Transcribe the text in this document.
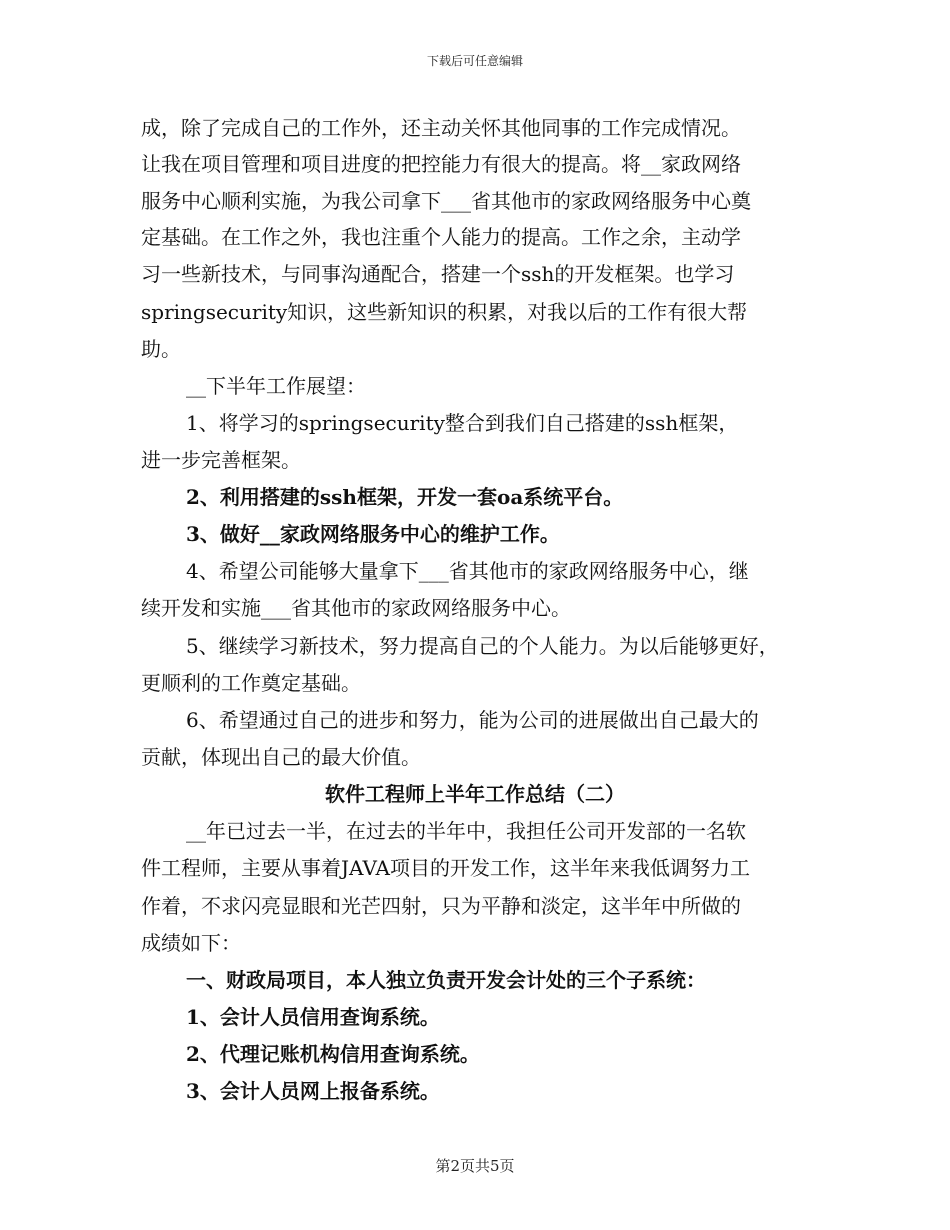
下载后可任意编辑
成，除了完成自己的工作外，还主动关怀其他同事的工作完成情况。
让我在项目管理和项目进度的把控能力有很大的提高。将__家政网络
服务中心顺利实施，为我公司拿下___省其他市的家政网络服务中心奠
定基础。在工作之外，我也注重个人能力的提高。工作之余，主动学
习一些新技术，与同事沟通配合，搭建一个ssh的开发框架。也学习
springsecurity知识，这些新知识的积累，对我以后的工作有很大帮
助。
__下半年工作展望：
1、将学习的springsecurity整合到我们自己搭建的ssh框架，
进一步完善框架。
2、利用搭建的ssh框架，开发一套oa系统平台。
3、做好__家政网络服务中心的维护工作。
4、希望公司能够大量拿下___省其他市的家政网络服务中心，继
续开发和实施___省其他市的家政网络服务中心。
5、继续学习新技术，努力提高自己的个人能力。为以后能够更好，
更顺利的工作奠定基础。
6、希望通过自己的进步和努力，能为公司的进展做出自己最大的
贡献，体现出自己的最大价值。
软件工程师上半年工作总结（二）
__年已过去一半，在过去的半年中，我担任公司开发部的一名软
件工程师，主要从事着JAVA项目的开发工作，这半年来我低调努力工
作着，不求闪亮显眼和光芒四射，只为平静和淡定，这半年中所做的
成绩如下：
一、财政局项目，本人独立负责开发会计处的三个子系统：
1、会计人员信用查询系统。
2、代理记账机构信用查询系统。
3、会计人员网上报备系统。
第2页共5页
